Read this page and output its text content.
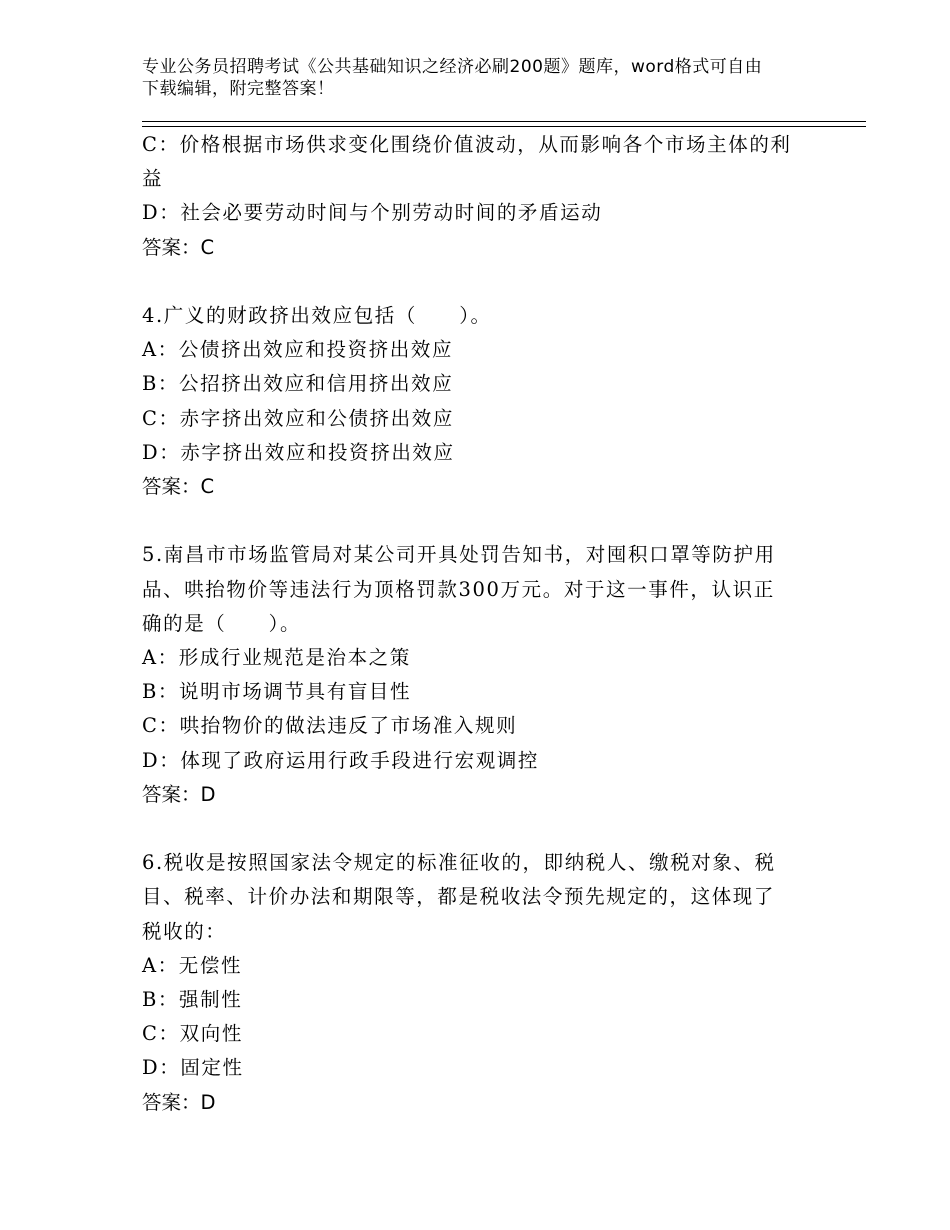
专业公务员招聘考试《公共基础知识之经济必刷200题》题库，word格式可自由
下载编辑，附完整答案！
C：价格根据市场供求变化围绕价值波动，从而影响各个市场主体的利
益
D：社会必要劳动时间与个别劳动时间的矛盾运动
答案：C
4.广义的财政挤出效应包括（　　）。
A：公债挤出效应和投资挤出效应
B：公招挤出效应和信用挤出效应
C：赤字挤出效应和公债挤出效应
D：赤字挤出效应和投资挤出效应
答案：C
5.南昌市市场监管局对某公司开具处罚告知书，对囤积口罩等防护用
品、哄抬物价等违法行为顶格罚款300万元。对于这一事件，认识正
确的是（　　）。
A：形成行业规范是治本之策
B：说明市场调节具有盲目性
C：哄抬物价的做法违反了市场准入规则
D：体现了政府运用行政手段进行宏观调控
答案：D
6.税收是按照国家法令规定的标准征收的，即纳税人、缴税对象、税
目、税率、计价办法和期限等，都是税收法令预先规定的，这体现了
税收的：
A：无偿性
B：强制性
C：双向性
D：固定性
答案：D
